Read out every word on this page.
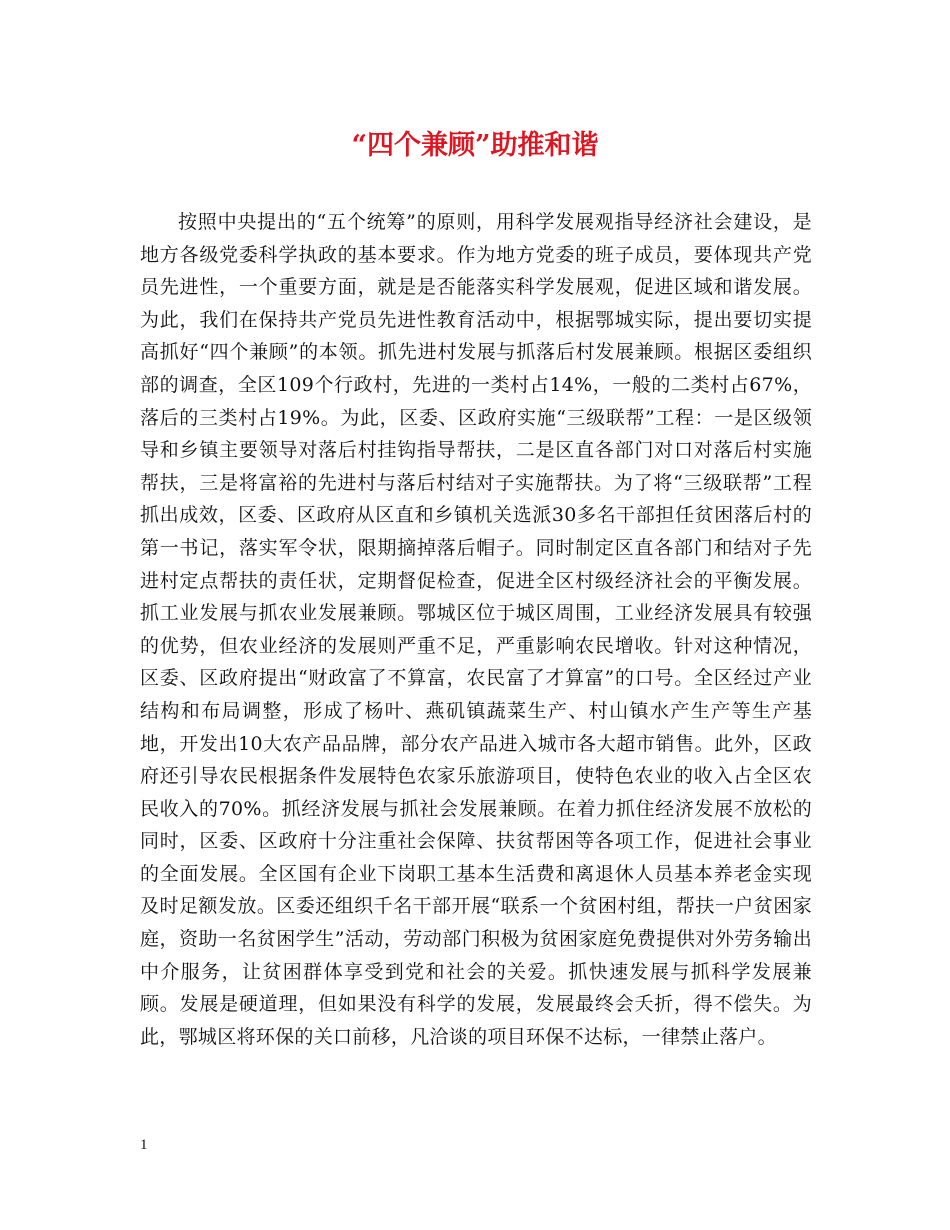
“四个兼顾”助推和谐

按照中央提出的“五个统筹”的原则，用科学发展观指导经济社会建设，是地方各级党委科学执政的基本要求。作为地方党委的班子成员，要体现共产党员先进性，一个重要方面，就是是否能落实科学发展观，促进区域和谐发展。为此，我们在保持共产党员先进性教育活动中，根据鄂城实际，提出要切实提高抓好“四个兼顾”的本领。抓先进村发展与抓落后村发展兼顾。根据区委组织部的调查，全区109个行政村，先进的一类村占14%，一般的二类村占67%，落后的三类村占19%。为此，区委、区政府实施“三级联帮”工程：一是区级领导和乡镇主要领导对落后村挂钩指导帮扶，二是区直各部门对口对落后村实施帮扶，三是将富裕的先进村与落后村结对子实施帮扶。为了将“三级联帮”工程抓出成效，区委、区政府从区直和乡镇机关选派30多名干部担任贫困落后村的第一书记，落实军令状，限期摘掉落后帽子。同时制定区直各部门和结对子先进村定点帮扶的责任状，定期督促检查，促进全区村级经济社会的平衡发展。抓工业发展与抓农业发展兼顾。鄂城区位于城区周围，工业经济发展具有较强的优势，但农业经济的发展则严重不足，严重影响农民增收。针对这种情况，区委、区政府提出“财政富了不算富，农民富了才算富”的口号。全区经过产业结构和布局调整，形成了杨叶、燕矶镇蔬菜生产、村山镇水产生产等生产基地，开发出10大农产品品牌，部分农产品进入城市各大超市销售。此外，区政府还引导农民根据条件发展特色农家乐旅游项目，使特色农业的收入占全区农民收入的70%。抓经济发展与抓社会发展兼顾。在着力抓住经济发展不放松的同时，区委、区政府十分注重社会保障、扶贫帮困等各项工作，促进社会事业的全面发展。全区国有企业下岗职工基本生活费和离退休人员基本养老金实现及时足额发放。区委还组织千名干部开展“联系一个贫困村组，帮扶一户贫困家庭，资助一名贫困学生”活动，劳动部门积极为贫困家庭免费提供对外劳务输出中介服务，让贫困群体享受到党和社会的关爱。抓快速发展与抓科学发展兼顾。发展是硬道理，但如果没有科学的发展，发展最终会夭折，得不偿失。为此，鄂城区将环保的关口前移，凡洽谈的项目环保不达标，一律禁止落户。

1
